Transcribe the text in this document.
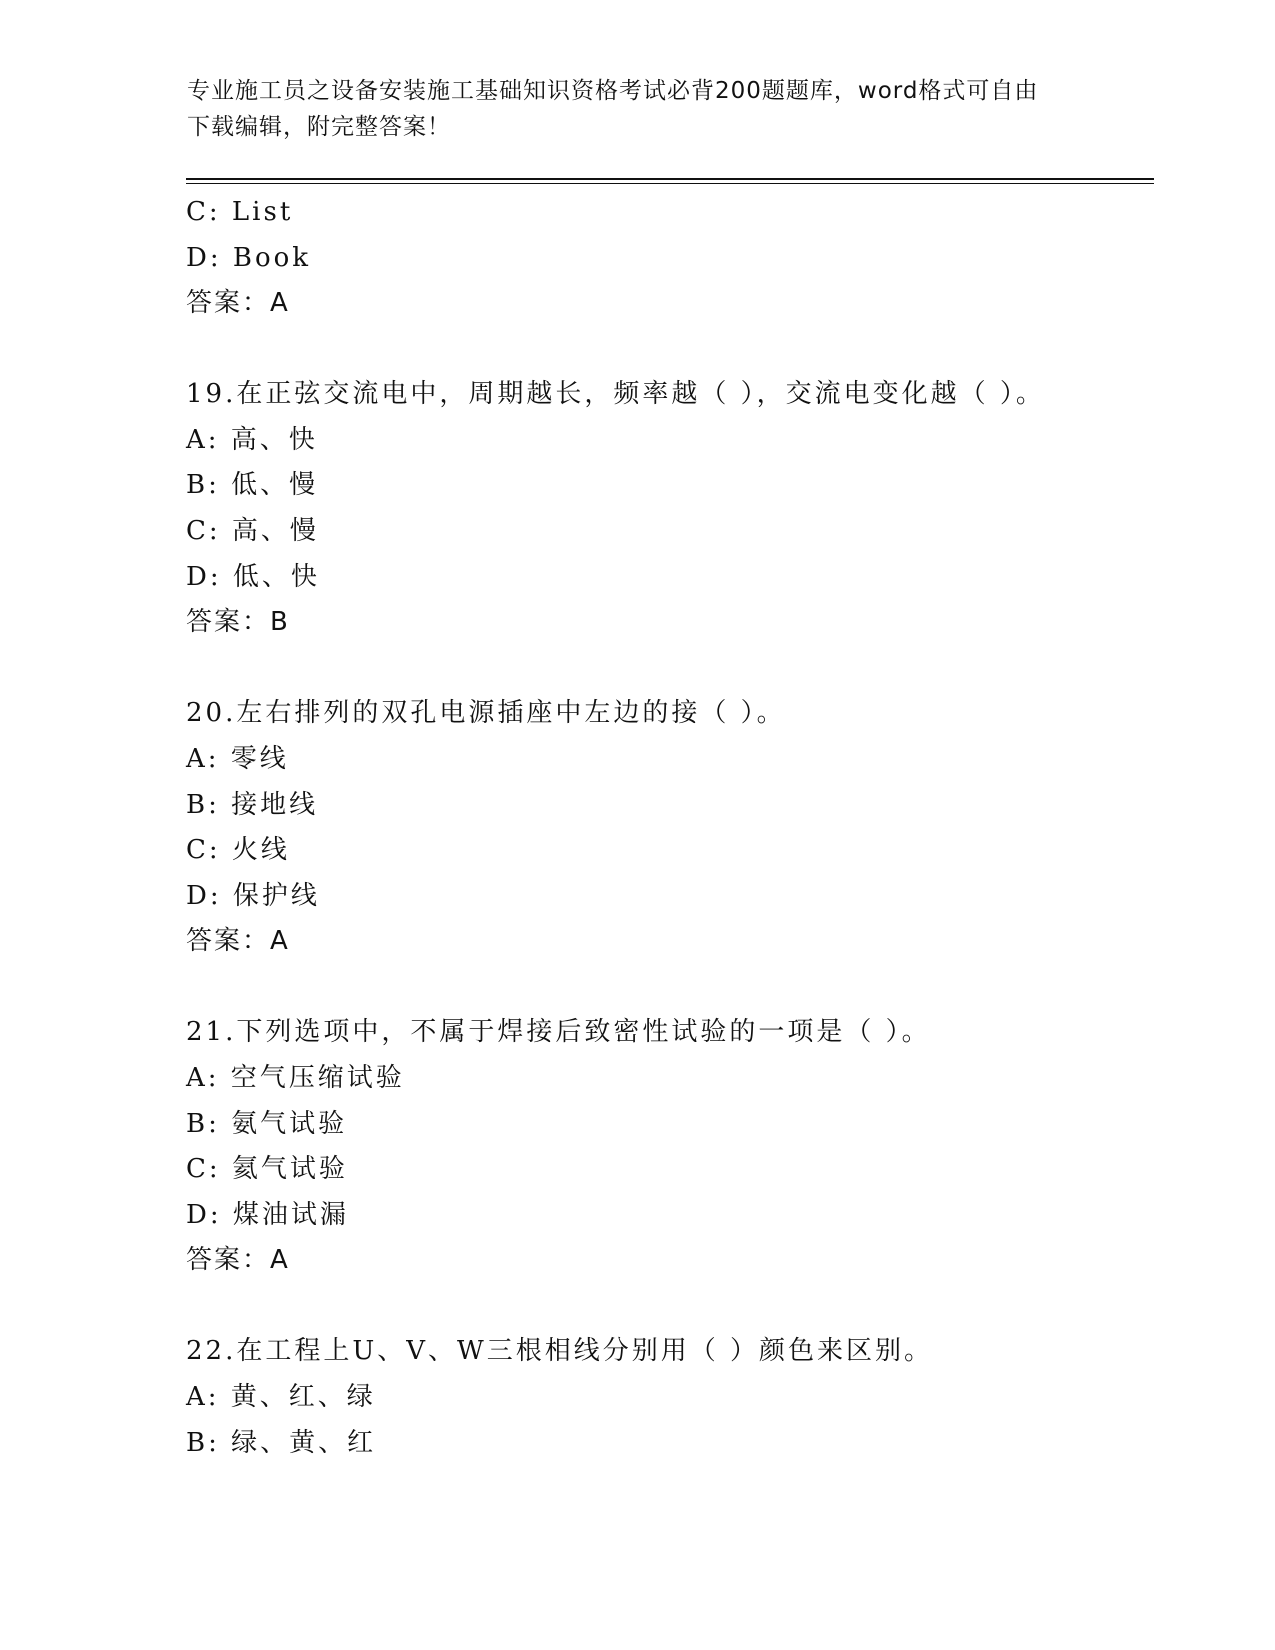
专业施工员之设备安装施工基础知识资格考试必背200题题库，word格式可自由
下载编辑，附完整答案！
C: List
D: Book
答案：A
19.在正弦交流电中，周期越长，频率越（ ），交流电变化越（ ）。
A: 高、快
B: 低、慢
C: 高、慢
D: 低、快
答案：B
20.左右排列的双孔电源插座中左边的接（ ）。
A: 零线
B: 接地线
C: 火线
D: 保护线
答案：A
21.下列选项中，不属于焊接后致密性试验的一项是（ ）。
A: 空气压缩试验
B: 氨气试验
C: 氦气试验
D: 煤油试漏
答案：A
22.在工程上U、V、W三根相线分别用（ ）颜色来区别。
A: 黄、红、绿
B: 绿、黄、红
